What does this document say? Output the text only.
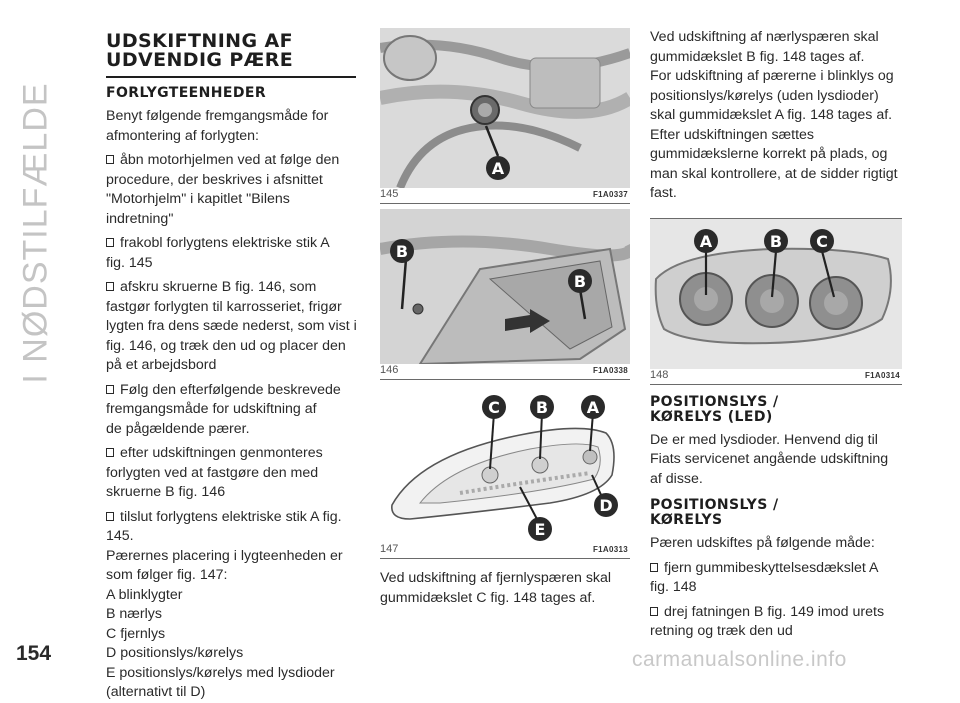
I NØDSTILFÆLDE
154	carmanualsonline.info
UDSKIFTNING AF
UDVENDIG PÆRE
FORLYGTEENHEDER

Benyt følgende fremgangsmåde for

afmontering af forlygten:

åbn motorhjelmen ved at følge den

procedure, der beskrives i afsnittet

"Motorhjelm" i kapitlet "Bilens

indretning"

frakobl forlygtens elektriske stik A

fig. 145

afskru skruerne B fig. 146, som

fastgør forlygten til karrosseriet, frigør

lygten fra dens sæde nederst, som vist i

fig. 146, og træk den ud og placer den

på et arbejdsbord

Følg den efterfølgende beskrevede

fremgangsmåde for udskiftning af

de pågældende pærer.

efter udskiftningen genmonteres

forlygten ved at fastgøre den med

skruerne B fig. 146

tilslut forlygtens elektriske stik A fig.

145.

Pærernes placering i lygteenheden er

som følger fig. 147:

A blinklygter

B nærlys

C fjernlys

D positionslys/kørelys

E positionslys/kørelys med lysdioder

(alternativt til D)

A
145	F1A0337
B
B
146	F1A0338
C B A
D
E
147	F1A0313

Ved udskiftning af fjernlyspæren skal

gummidækslet C fig. 148 tages af.

Ved udskiftning af nærlyspæren skal

gummidækslet B fig. 148 tages af.

For udskiftning af pærerne i blinklys og

positionslys/kørelys (uden lysdioder)

skal gummidækslet A fig. 148 tages af.

Efter udskiftningen sættes

gummidækslerne korrekt på plads, og

man skal kontrollere, at de sidder rigtigt

fast.

A	B C
148	F1A0314
POSITIONSLYS /
KØRELYS (LED)

De er med lysdioder. Henvend dig til

Fiats servicenet angående udskiftning

af disse.

POSITIONSLYS /
KØRELYS

Pæren udskiftes på følgende måde:

fjern gummibeskyttelsesdækslet A

fig. 148

drej fatningen B fig. 149 imod urets

retning og træk den ud
